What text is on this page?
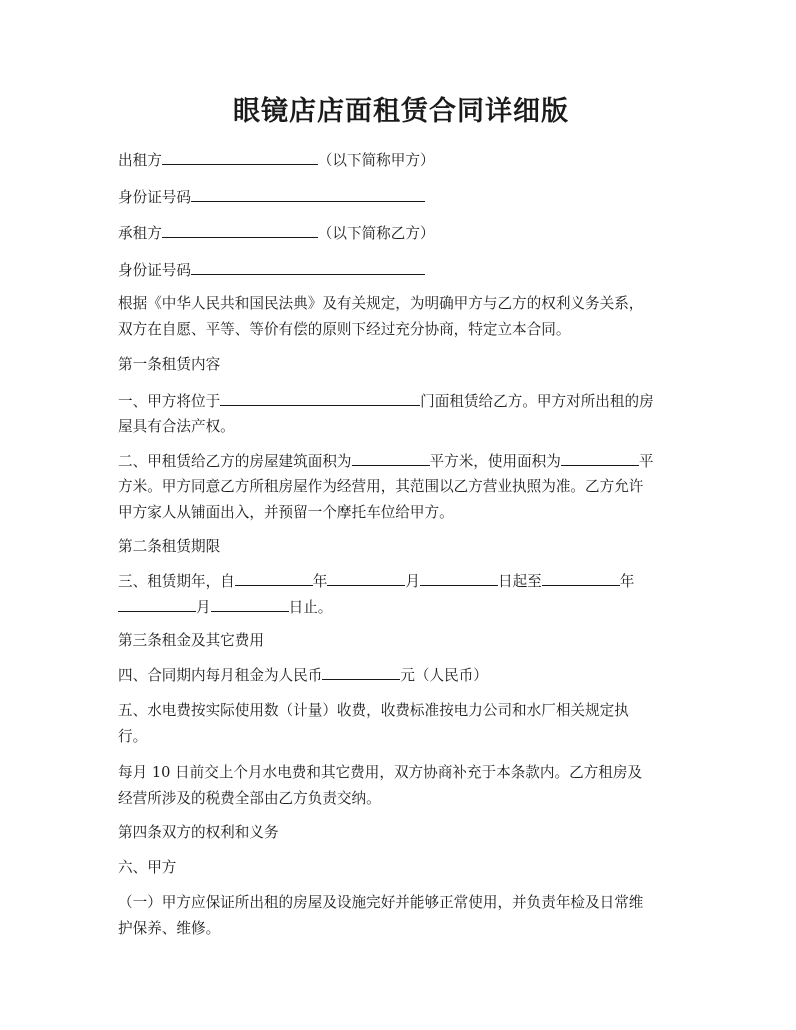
眼镜店店面租赁合同详细版

出租方	（以下简称甲方）

身份证号码

承租方	（以下简称乙方）

身份证号码

根据《中华人民共和国民法典》及有关规定，为明确甲方与乙方的权利义务关系，

双方在自愿、平等、等价有偿的原则下经过充分协商，特定立本合同。

第一条租赁内容

一、甲方将位于	门面租赁给乙方。甲方对所出租的房

屋具有合法产权。

二、甲租赁给乙方的房屋建筑面积为	平方米，使用面积为	平

方米。甲方同意乙方所租房屋作为经营用，其范围以乙方营业执照为准。乙方允许

甲方家人从铺面出入，并预留一个摩托车位给甲方。

第二条租赁期限

三、租赁期年，自	年	月	日起至	年

月	日止。

第三条租金及其它费用

四、合同期内每月租金为人民币	元（人民币）

五、水电费按实际使用数（计量）收费，收费标准按电力公司和水厂相关规定执

行。

每月 10 日前交上个月水电费和其它费用，双方协商补充于本条款内。乙方租房及

经营所涉及的税费全部由乙方负责交纳。

第四条双方的权利和义务

六、甲方

（一）甲方应保证所出租的房屋及设施完好并能够正常使用，并负责年检及日常维

护保养、维修。
